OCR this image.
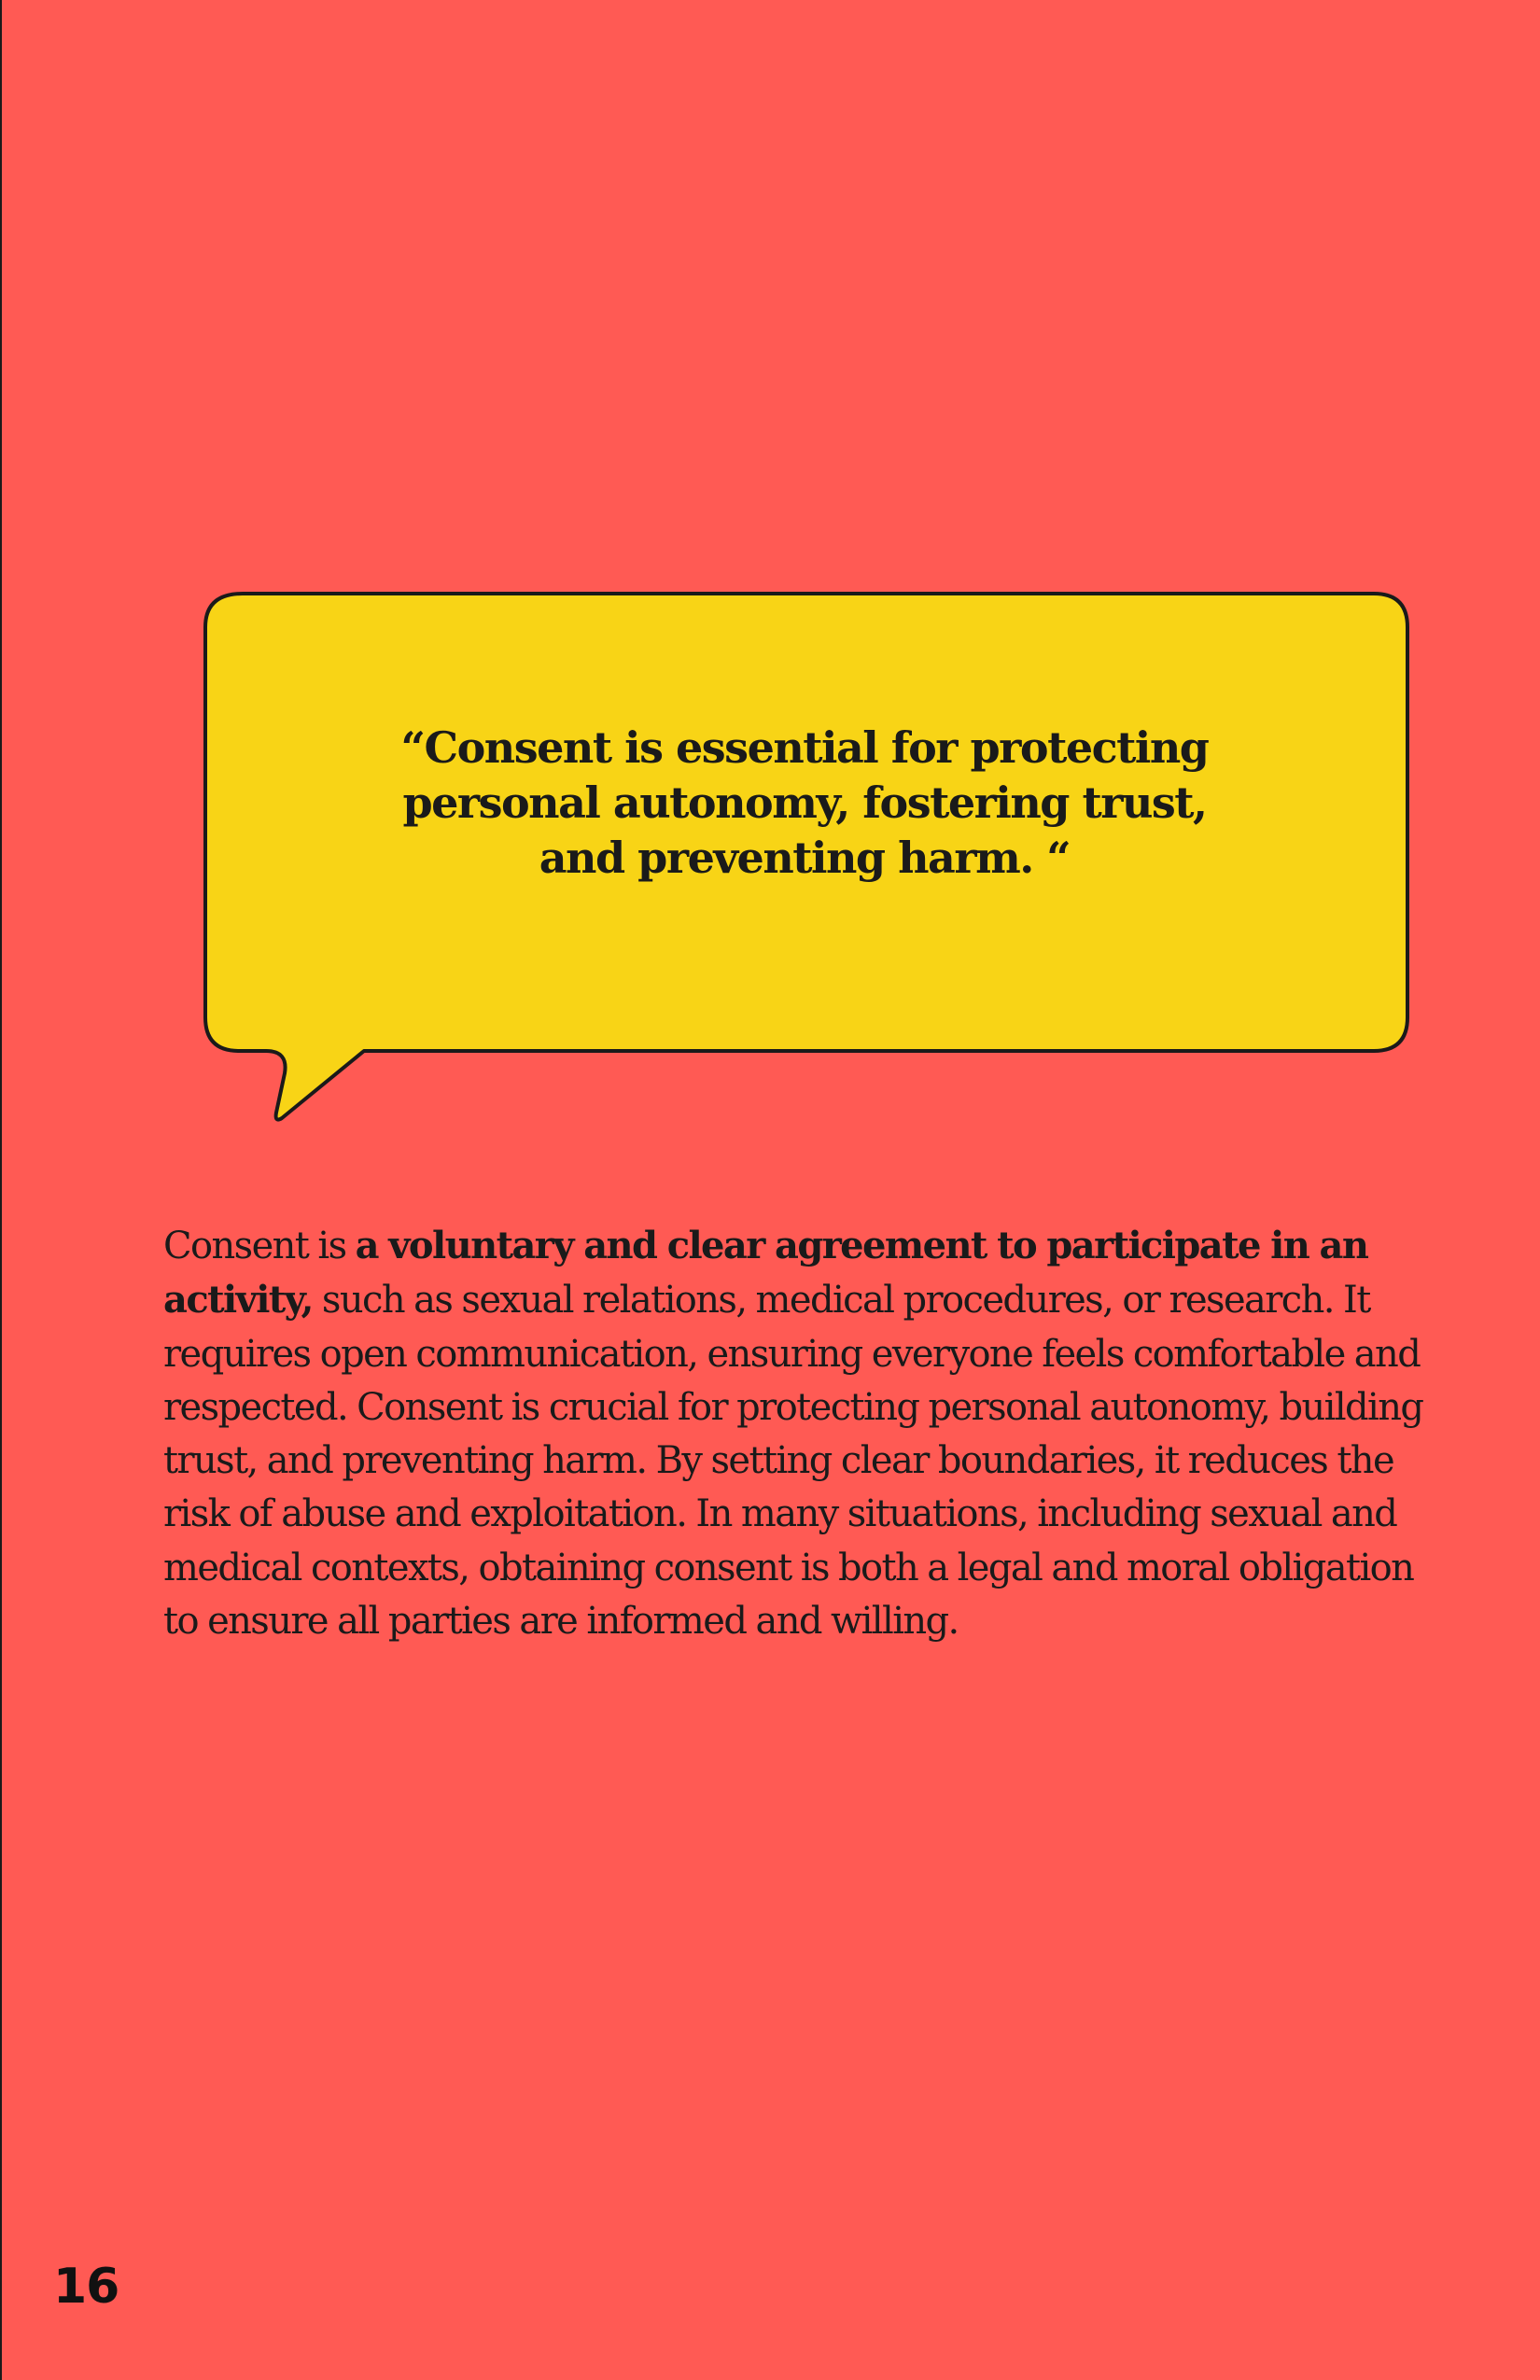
“Consent is essential for protecting
personal autonomy, fostering trust,
and preventing harm. “

Consent is a voluntary and clear agreement to participate in an activity, such as sexual relations, medical procedures, or research. It requires open communication, ensuring everyone feels comfortable and respected. Consent is crucial for protecting personal autonomy, building trust, and preventing harm. By setting clear boundaries, it reduces the risk of abuse and exploitation. In many situations, including sexual and medical contexts, obtaining consent is both a legal and moral obligation to ensure all parties are informed and willing.

16
